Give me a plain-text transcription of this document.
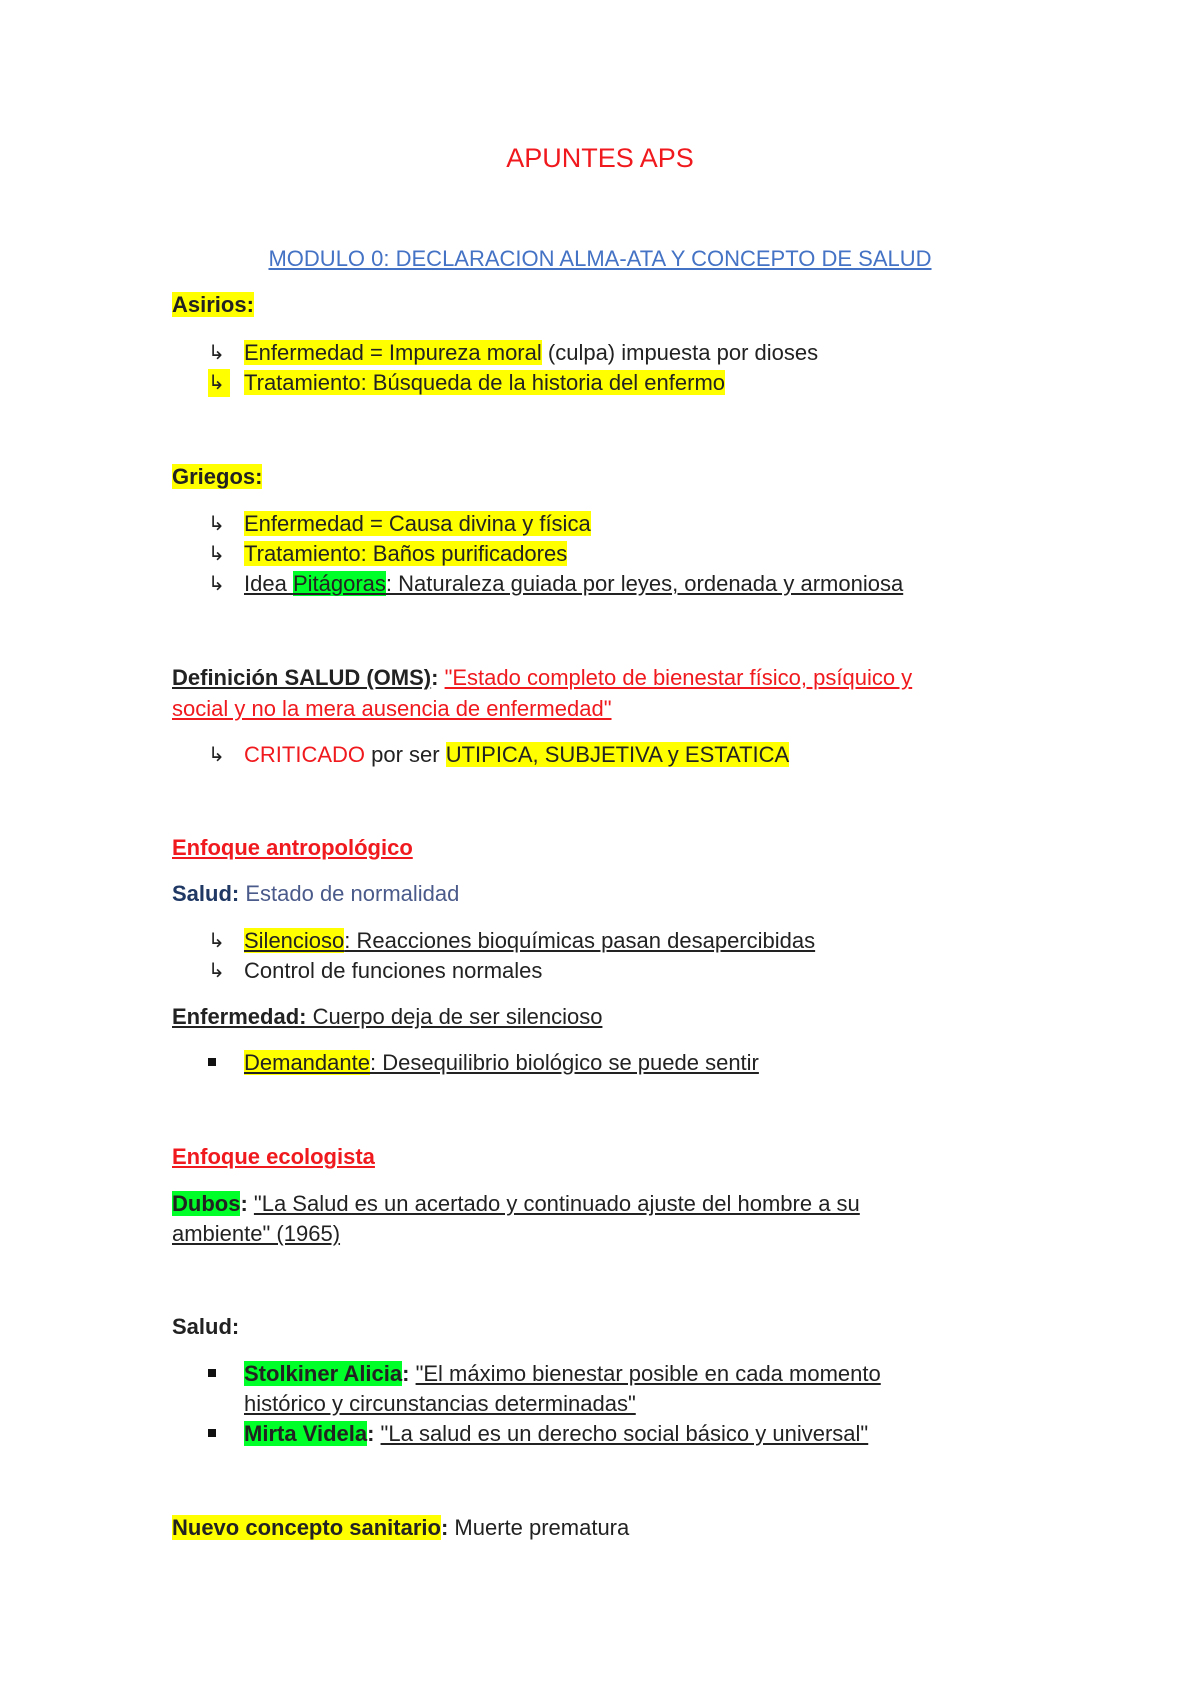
APUNTES APS
MODULO 0: DECLARACION ALMA-ATA Y CONCEPTO DE SALUD
Asirios:
↳ Enfermedad = Impureza moral (culpa) impuesta por dioses
↳ Tratamiento: Búsqueda de la historia del enfermo
Griegos:
↳ Enfermedad = Causa divina y física
↳ Tratamiento: Baños purificadores
↳ Idea Pitágoras: Naturaleza guiada por leyes, ordenada y armoniosa
Definición SALUD (OMS): "Estado completo de bienestar físico, psíquico y
social y no la mera ausencia de enfermedad"
↳ CRITICADO por ser UTIPICA, SUBJETIVA y ESTATICA
Enfoque antropológico
Salud: Estado de normalidad
↳ Silencioso: Reacciones bioquímicas pasan desapercibidas
↳ Control de funciones normales
Enfermedad: Cuerpo deja de ser silencioso
Demandante: Desequilibrio biológico se puede sentir
Enfoque ecologista
Dubos: "La Salud es un acertado y continuado ajuste del hombre a su
ambiente" (1965)
Salud:
Stolkiner Alicia: "El máximo bienestar posible en cada momento
histórico y circunstancias determinadas"
Mirta Videla: "La salud es un derecho social básico y universal"
Nuevo concepto sanitario: Muerte prematura
